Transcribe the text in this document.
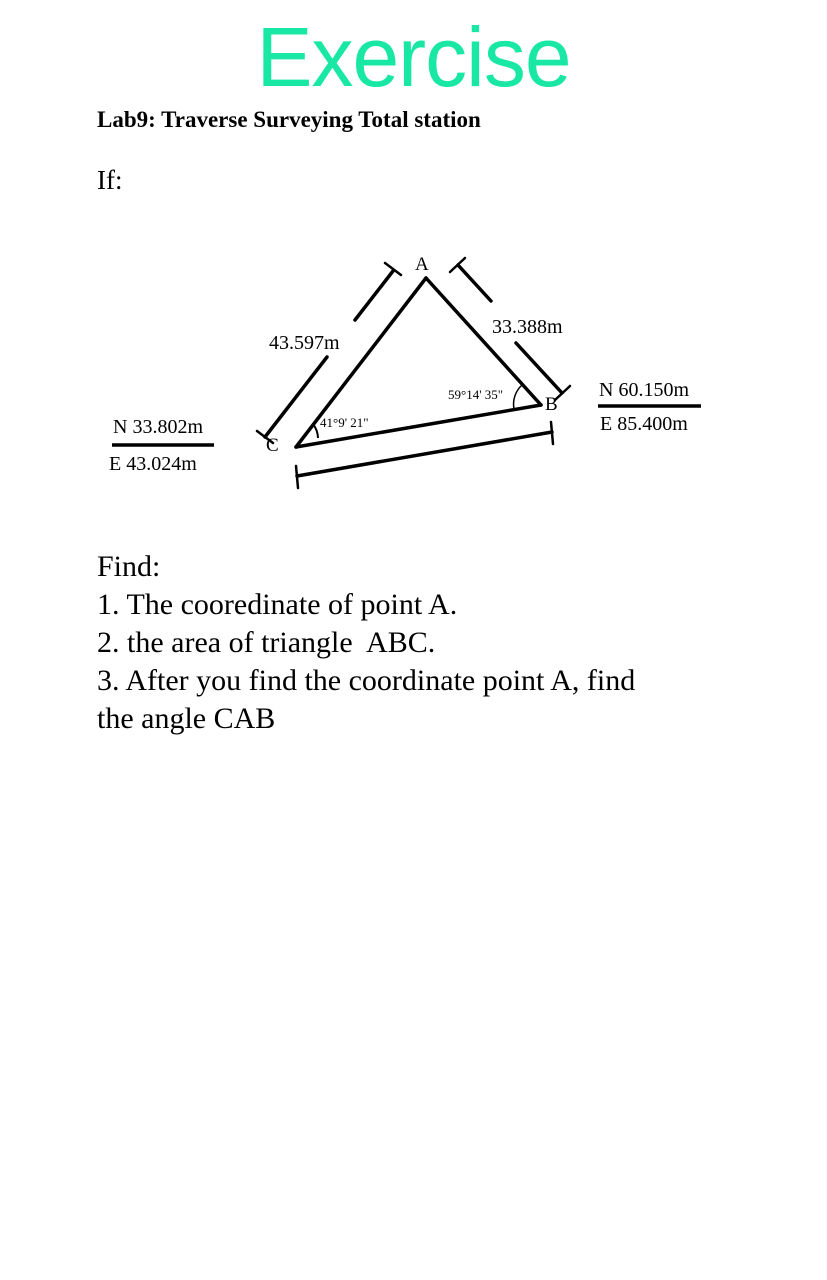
Exercise
Lab9: Traverse Surveying Total station
If:
A
B
C
43.597m
33.388m
41°9' 21"
59°14' 35"
N 33.802m
E 43.024m
N 60.150m
E 85.400m
Find:
1. The cooredinate of point A.
2. the area of triangle  ABC.
3. After you find the coordinate point A, find
the angle CAB
